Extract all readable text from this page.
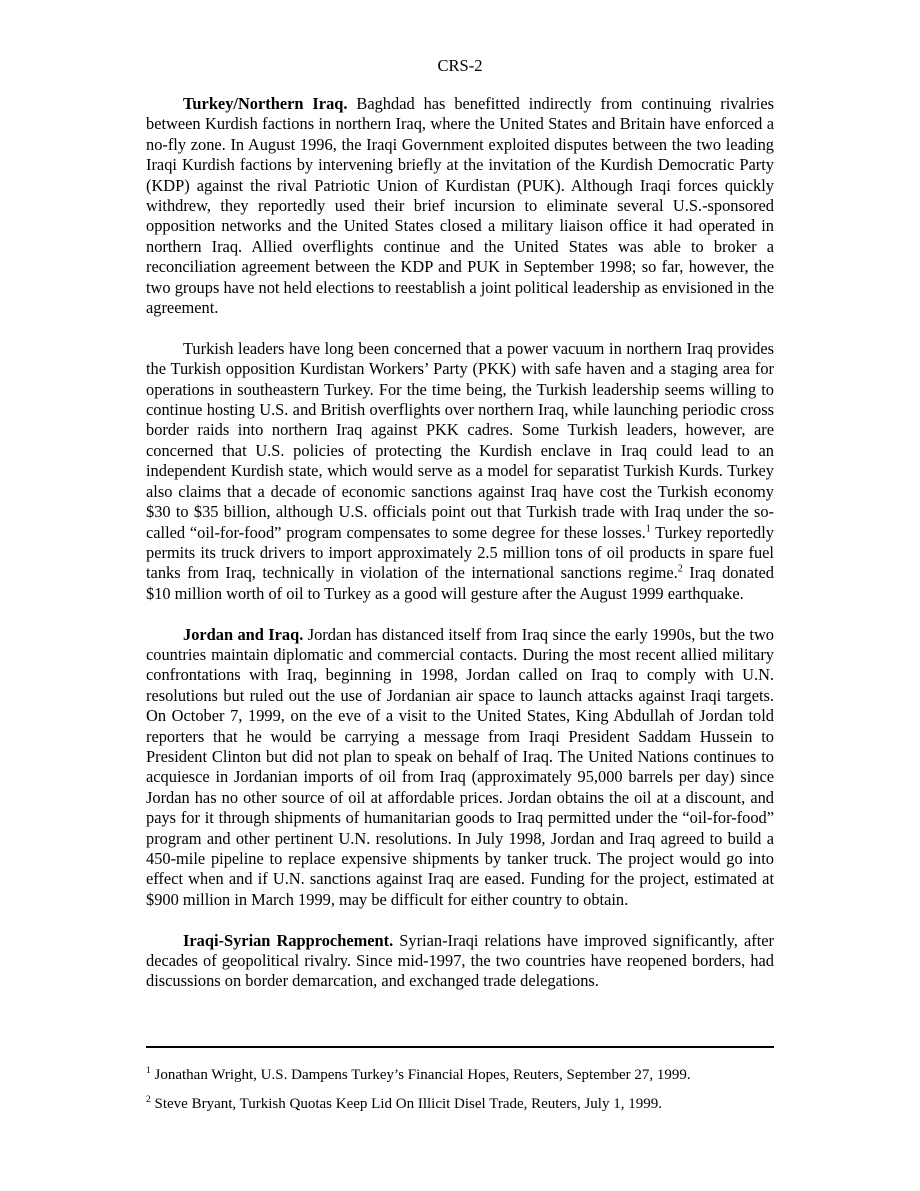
CRS-2

Turkey/Northern Iraq. Baghdad has benefitted indirectly from continuing rivalries between Kurdish factions in northern Iraq, where the United States and Britain have enforced a no-fly zone. In August 1996, the Iraqi Government exploited disputes between the two leading Iraqi Kurdish factions by intervening briefly at the invitation of the Kurdish Democratic Party (KDP) against the rival Patriotic Union of Kurdistan (PUK). Although Iraqi forces quickly withdrew, they reportedly used their brief incursion to eliminate several U.S.-sponsored opposition networks and the United States closed a military liaison office it had operated in northern Iraq. Allied overflights continue and the United States was able to broker a reconciliation agreement between the KDP and PUK in September 1998; so far, however, the two groups have not held elections to reestablish a joint political leadership as envisioned in the agreement.

Turkish leaders have long been concerned that a power vacuum in northern Iraq provides the Turkish opposition Kurdistan Workers’ Party (PKK) with safe haven and a staging area for operations in southeastern Turkey. For the time being, the Turkish leadership seems willing to continue hosting U.S. and British overflights over northern Iraq, while launching periodic cross border raids into northern Iraq against PKK cadres. Some Turkish leaders, however, are concerned that U.S. policies of protecting the Kurdish enclave in Iraq could lead to an independent Kurdish state, which would serve as a model for separatist Turkish Kurds. Turkey also claims that a decade of economic sanctions against Iraq have cost the Turkish economy $30 to $35 billion, although U.S. officials point out that Turkish trade with Iraq under the so-called “oil-for-food” program compensates to some degree for these losses.$^1$ Turkey reportedly permits its truck drivers to import approximately 2.5 million tons of oil products in spare fuel tanks from Iraq, technically in violation of the international sanctions regime.$^2$ Iraq donated $10 million worth of oil to Turkey as a good will gesture after the August 1999 earthquake.

Jordan and Iraq. Jordan has distanced itself from Iraq since the early 1990s, but the two countries maintain diplomatic and commercial contacts. During the most recent allied military confrontations with Iraq, beginning in 1998, Jordan called on Iraq to comply with U.N. resolutions but ruled out the use of Jordanian air space to launch attacks against Iraqi targets. On October 7, 1999, on the eve of a visit to the United States, King Abdullah of Jordan told reporters that he would be carrying a message from Iraqi President Saddam Hussein to President Clinton but did not plan to speak on behalf of Iraq. The United Nations continues to acquiesce in Jordanian imports of oil from Iraq (approximately 95,000 barrels per day) since Jordan has no other source of oil at affordable prices. Jordan obtains the oil at a discount, and pays for it through shipments of humanitarian goods to Iraq permitted under the “oil-for-food” program and other pertinent U.N. resolutions. In July 1998, Jordan and Iraq agreed to build a 450-mile pipeline to replace expensive shipments by tanker truck. The project would go into effect when and if U.N. sanctions against Iraq are eased. Funding for the project, estimated at $900 million in March 1999, may be difficult for either country to obtain.

Iraqi-Syrian Rapprochement. Syrian-Iraqi relations have improved significantly, after decades of geopolitical rivalry. Since mid-1997, the two countries have reopened borders, had discussions on border demarcation, and exchanged trade delegations.

$^1$ Jonathan Wright, U.S. Dampens Turkey’s Financial Hopes, Reuters, September 27, 1999.
$^2$ Steve Bryant, Turkish Quotas Keep Lid On Illicit Disel Trade, Reuters, July 1, 1999.
